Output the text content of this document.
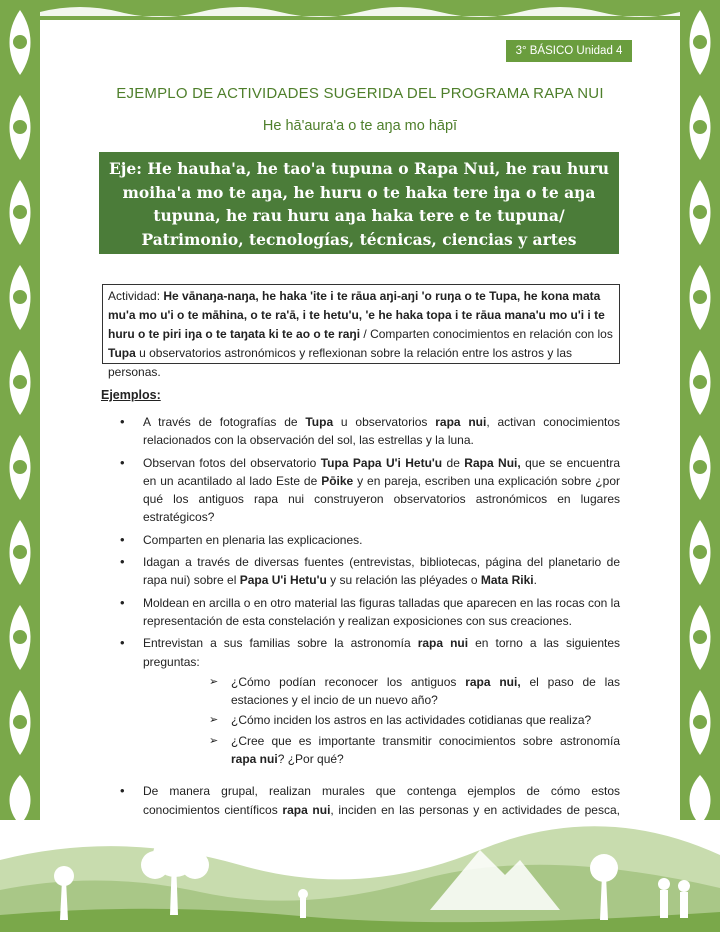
3° BÁSICO Unidad 4
EJEMPLO DE ACTIVIDADES SUGERIDA DEL PROGRAMA RAPA NUI
He hā'aura'a o te aŋa mo hāpī
Eje: He hauha'a, he tao'a tupuna o Rapa Nui, he rau huru moiha'a mo te aŋa, he huru o te haka tere iŋa o te aŋa tupuna, he rau huru aŋa haka tere e te tupuna/ Patrimonio, tecnologías, técnicas, ciencias y artes ancestrales.
Actividad: He vānaŋa-naŋa, he haka 'ite i te rāua aŋi-aŋi 'o ruŋa o te Tupa, he kona mata mu'a mo u'i o te māhina, o te ra'ā, i te hetu'u, 'e he haka topa i te rāua mana'u mo u'i i te huru o te piri iŋa o te taŋata ki te ao o te raŋi / Comparten conocimientos en relación con los Tupa u observatorios astronómicos y reflexionan sobre la relación entre los astros y las personas.
Ejemplos:
• A través de fotografías de Tupa u observatorios rapa nui, activan conocimientos relacionados con la observación del sol, las estrellas y la luna.
• Observan fotos del observatorio Tupa Papa U'i Hetu'u de Rapa Nui, que se encuentra en un acantilado al lado Este de Pōike y en pareja, escriben una explicación sobre ¿por qué los antiguos rapa nui construyeron observatorios astronómicos en lugares estratégicos?
• Comparten en plenaria las explicaciones.
• Idagan a través de diversas fuentes (entrevistas, bibliotecas, página del planetario de rapa nui) sobre el Papa U'i Hetu'u y su relación las pléyades o Mata Riki.
• Moldean en arcilla o en otro material las figuras talladas que aparecen en las rocas con la representación de esta constelación y realizan exposiciones con sus creaciones.
• Entrevistan a sus familias sobre la astronomía rapa nui en torno a las siguientes preguntas:
➢ ¿Cómo podían reconocer los antiguos rapa nui, el paso de las estaciones y el incio de un nuevo año?
➢ ¿Cómo inciden los astros en las actividades cotidianas que realiza?
➢ ¿Cree que es importante transmitir conocimientos sobre astronomía rapa nui? ¿Por qué?
• De manera grupal, realizan murales que contenga ejemplos de cómo estos conocimientos científicos rapa nui, inciden en las personas y en actividades de pesca,
